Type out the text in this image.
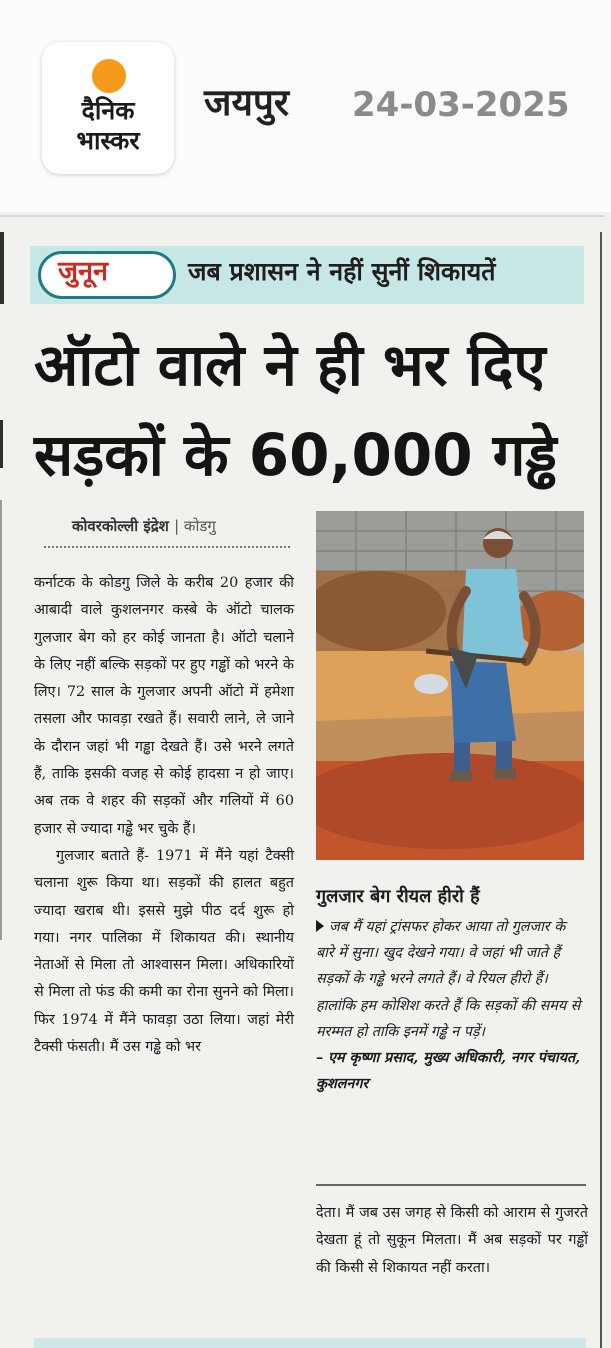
दैनिक
भास्कर
जयपुर 24-03-2025
जुनून	जब प्रशासन ने नहीं सुनीं शिकायतें
ऑटो वाले ने ही भर दिए
सड़कों के 60,000 गड्ढे
कोवरकोल्ली इंद्रेश | कोडगु

कर्नाटक के कोडगु जिले के करीब 20 हजार की आबादी वाले कुशलनगर कस्बे के ऑटो चालक गुलजार बेग को हर कोई जानता है। ऑटो चलाने के लिए नहीं बल्कि सड़कों पर हुए गड्ढों को भरने के लिए। 72 साल के गुलजार अपनी ऑटो में हमेशा तसला और फावड़ा रखते हैं। सवारी लाने, ले जाने के दौरान जहां भी गड्ढा देखते हैं। उसे भरने लगते हैं, ताकि इसकी वजह से कोई हादसा न हो जाए। अब तक वे शहर की सड़कों और गलियों में 60 हजार से ज्यादा गड्ढे भर चुके हैं।

गुलजार बताते हैं- 1971 में मैंने यहां टैक्सी चलाना शुरू किया था। सड़कों की हालत बहुत ज्यादा खराब थी। इससे मुझे पीठ दर्द शुरू हो गया। नगर पालिका में शिकायत की। स्थानीय नेताओं से मिला तो आश्वासन मिला। अधिकारियों से मिला तो फंड की कमी का रोना सुनने को मिला। फिर 1974 में मैंने फावड़ा उठा लिया। जहां मेरी टैक्सी फंसती। मैं उस गड्ढे को भर

गुलजार बेग रीयल हीरो हैं
जब मैं यहां ट्रांसफर होकर आया तो गुलजार के बारे में सुना। खुद देखने गया। वे जहां भी जाते हैं सड़कों के गड्ढे भरने लगते हैं। वे रियल हीरो हैं। हालांकि हम कोशिश करते हैं कि सड़कों की समय से मरम्मत हो ताकि इनमें गड्ढे न पड़ें।
– एम कृष्णा प्रसाद, मुख्य अधिकारी, नगर पंचायत, कुशलनगर

देता। मैं जब उस जगह से किसी को आराम से गुजरते देखता हूं तो सुकून मिलता। मैं अब सड़कों पर गड्ढों की किसी से शिकायत नहीं करता।
